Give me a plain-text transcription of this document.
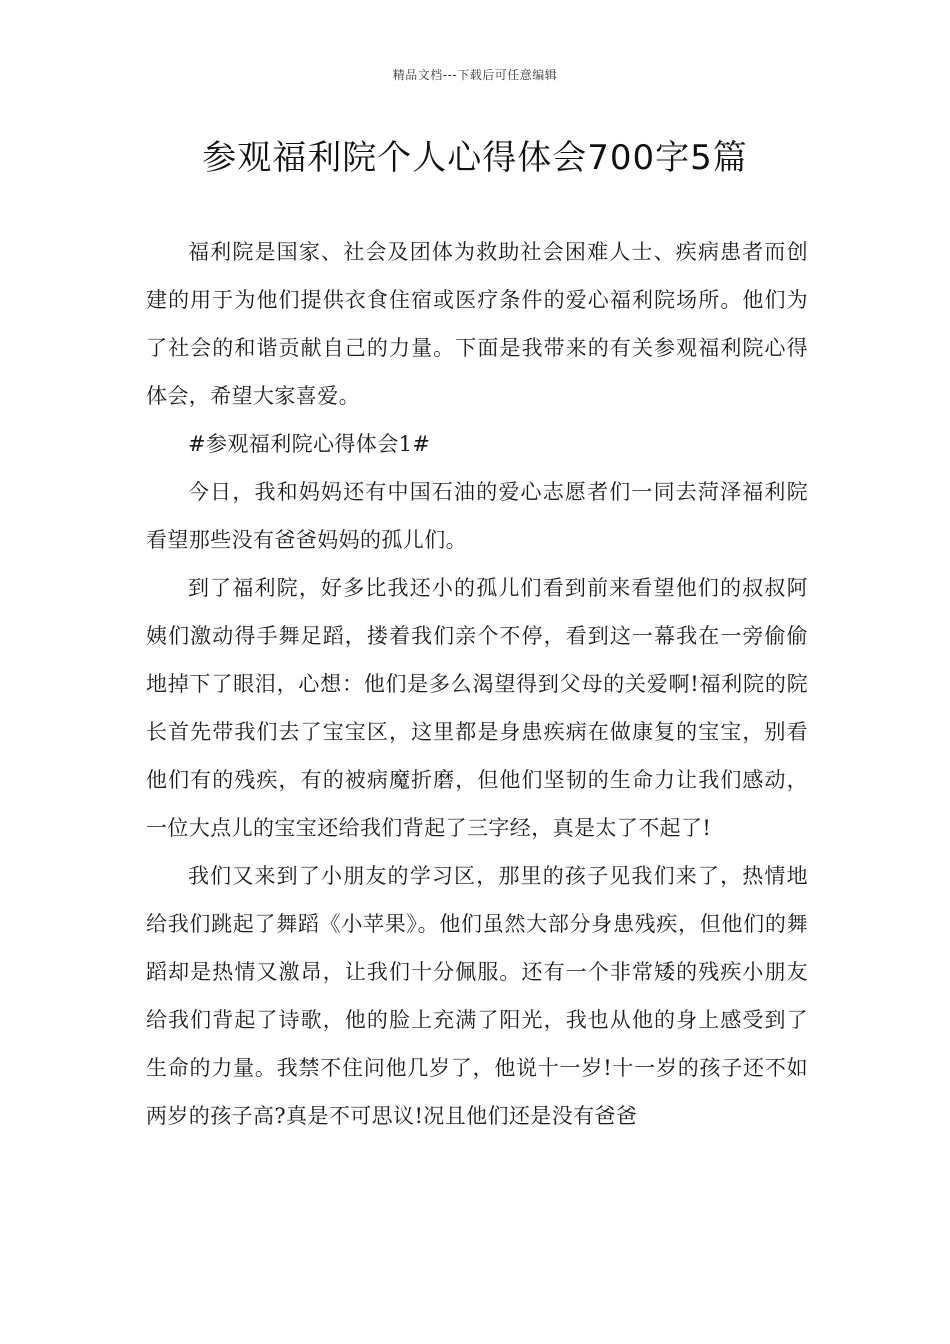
精品文档---下载后可任意编辑
参观福利院个人心得体会700字5篇

福利院是国家、社会及团体为救助社会困难人士、疾病患者而创建的用于为他们提供衣食住宿或医疗条件的爱心福利院场所。他们为了社会的和谐贡献自己的力量。下面是我带来的有关参观福利院心得体会，希望大家喜爱。

#参观福利院心得体会1#

今日，我和妈妈还有中国石油的爱心志愿者们一同去菏泽福利院看望那些没有爸爸妈妈的孤儿们。

到了福利院，好多比我还小的孤儿们看到前来看望他们的叔叔阿姨们激动得手舞足蹈，搂着我们亲个不停，看到这一幕我在一旁偷偷地掉下了眼泪，心想：他们是多么渴望得到父母的关爱啊!福利院的院长首先带我们去了宝宝区，这里都是身患疾病在做康复的宝宝，别看他们有的残疾，有的被病魔折磨，但他们坚韧的生命力让我们感动，一位大点儿的宝宝还给我们背起了三字经，真是太了不起了!

我们又来到了小朋友的学习区，那里的孩子见我们来了，热情地给我们跳起了舞蹈《小苹果》。他们虽然大部分身患残疾，但他们的舞蹈却是热情又激昂，让我们十分佩服。还有一个非常矮的残疾小朋友给我们背起了诗歌，他的脸上充满了阳光，我也从他的身上感受到了生命的力量。我禁不住问他几岁了，他说十一岁!十一岁的孩子还不如两岁的孩子高?真是不可思议!况且他们还是没有爸爸
